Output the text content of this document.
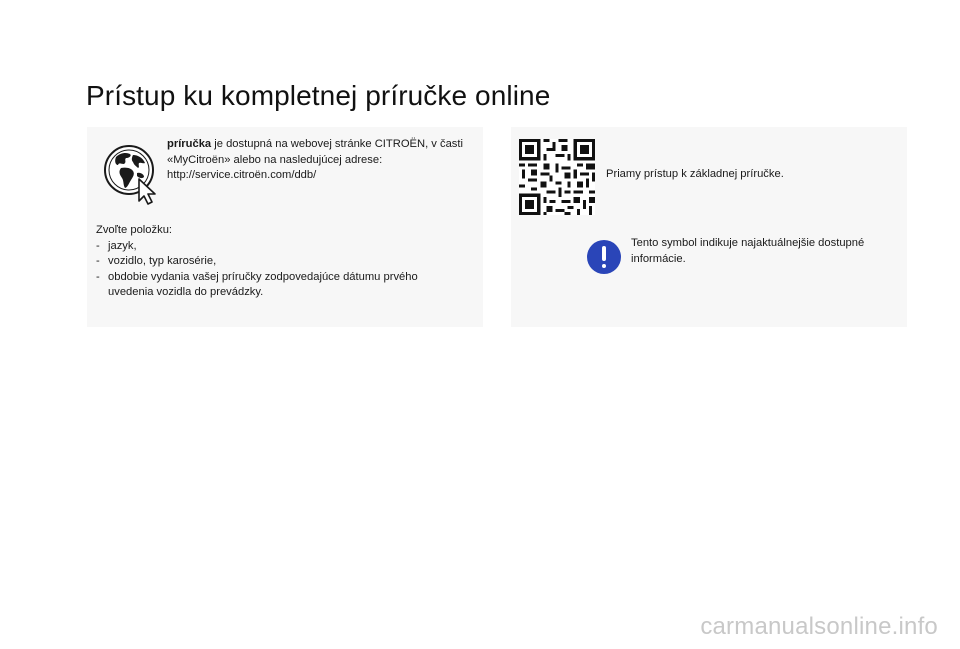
Prístup ku kompletnej príručke online
príručka je dostupná na webovej stránke CITROËN, v časti «MyCitroën» alebo na nasledujúcej adrese:
http://service.citroën.com/ddb/
Zvoľte položku:
- jazyk,
- vozidlo, typ karosérie,
- obdobie vydania vašej príručky zodpovedajúce dátumu prvého uvedenia vozidla do prevádzky.
Priamy prístup k základnej príručke.
Tento symbol indikuje najaktuálnejšie dostupné informácie.
carmanualsonline.info
